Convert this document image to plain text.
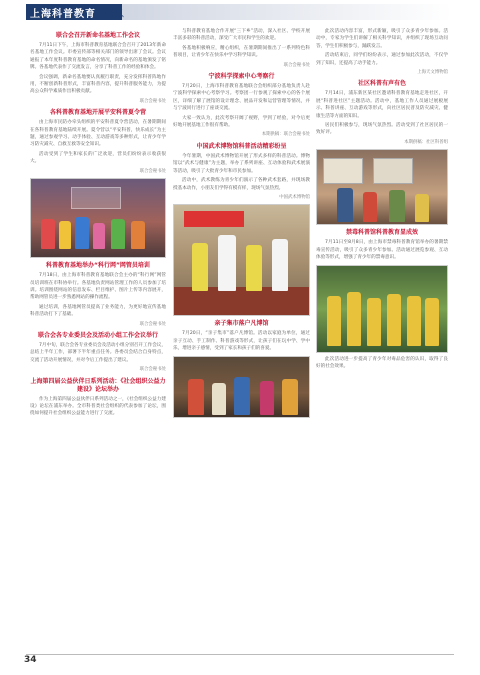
上海科普教育 信息
联合会召开新命名基地工作会议
7月11日下午，上海市科普教育基地联合会召开了2013年新命名基地工作会议。市委宣传部等相关部门的领导出席了会议。会议通报了本年度科普教育基地的命名情况，向新命名的基地颁发了铭牌。各基地代表作了交流发言，分享了科普工作的经验和体会。
会议强调，新命名基地要认真履行职责，充分发挥科普阵地作用，不断创新科普形式，丰富科普内容，提升科普服务能力，为提高公众科学素质作出积极贡献。
联合会秘书处
各科普教育基地开展平安科普夏令营
由上海市民防办牵头组织的平安科普夏令营活动，在暑期期间在各科普教育基地陆续开展。夏令营以“平安科普，快乐成长”为主题，通过参观学习、动手体验、互动游戏等多种形式，让青少年学习防灾减灾、自救互救等安全知识。
活动受到了学生和家长的广泛欢迎，营员们纷纷表示收获很大。
联合会秘书处
科普教育基地举办“科行网”网管员培训
7月18日，由上海市科普教育基地联合会主办的“科行网”网管员培训班在市科协举行。各基地负责网站管理工作的人员参加了培训。培训围绕网站的信息发布、栏目维护、图片上传等内容展开，帮助网管员进一步熟悉网站的操作流程。
通过培训，各基地网管员提高了业务能力，为更好地宣传基地科普活动打下了基础。
联合会秘书处
联合会各专业委员会及活动小组工作会议举行
7月中旬，联合会各专业委员会及活动小组分别召开工作会议，总结上半年工作，部署下半年重点任务。各委员会结合自身特点，交流了活动开展情况，并对今后工作提出了建议。
联合会秘书处
上海第四届公益伙伴日系列活动：《社会组织公益力建设》论坛举办
作为上海第四届公益伙伴日系列活动之一，《社会组织公益力建设》论坛在浦东举办。全市科普类社会组织的代表参加了论坛，围绕如何提升社会组织公益能力进行了交流。
与科普教育基地合作开展“三下乡”活动，深入社区、学校开展丰富多彩的科普活动，深受广大市民和学生的欢迎。
各基地积极响应，精心组织，在暑期期间推出了一系列特色科普项目，让青少年在快乐中学习科学知识。
联合会秘书处
宁波科学探索中心考察行
7月20日，上海市科普教育基地联合会组织部分基地负责人赴宁波科学探索中心考察学习。考察团一行参观了探索中心的各个展区，详细了解了展馆的设计理念、展品开发和运营管理等情况，并与宁波同行进行了座谈交流。
大家一致认为，此次考察开阔了视野，学到了经验，对今后更好地开展基地工作很有帮助。
本期供稿：联合会秘书处
中国武术博物馆科普活动精彩纷呈
今年暑期，中国武术博物馆开展了形式多样的科普活动。博物馆以“武术与健康”为主题，举办了系列讲座、互动体验和武术展演等活动，吸引了大批青少年和市民参加。
活动中，武术教练为青少年们演示了各种武术套路，并现场教授基本动作，小朋友们学得有模有样，现场气氛热烈。
中国武术博物馆
亲子集市落户凡博馆
7月20日，“亲子集市”落户凡博馆。活动以家庭为单位，通过亲子互动、手工制作、科普游戏等形式，让孩子们在玩中学、学中乐，增进亲子感情，受到了家长和孩子们的喜爱。
此次活动内容丰富，形式新颖，吸引了众多青少年参加。活动中，专家为学生们讲解了相关科学知识，并组织了现场互动问答，学生们积极参与，踊跃发言。
活动结束后，同学们纷纷表示，通过参加此次活动，不仅学到了知识，还提高了动手能力。
上海天文博物馆
社区科普有声有色
7月14日，浦东新区某社区邀请科普教育基地走进社区，开展“科普进社区”主题活动。活动中，基地工作人员通过展板展示、科普讲座、互动游戏等形式，向社区居民普及防灾减灾、健康生活等方面的知识。
居民们积极参与，现场气氛热烈。活动受到了社区居民的一致好评。
本期供稿：社区科普组
禁毒科普馆科普教育显成效
7月11日至8月8日，由上海市禁毒科普教育馆举办的暑期禁毒宣传活动，吸引了众多青少年参加。活动通过展览参观、互动体验等形式，增强了青少年的禁毒意识。
此次活动进一步提高了青少年对毒品危害的认识，取得了良好的社会效果。
34
